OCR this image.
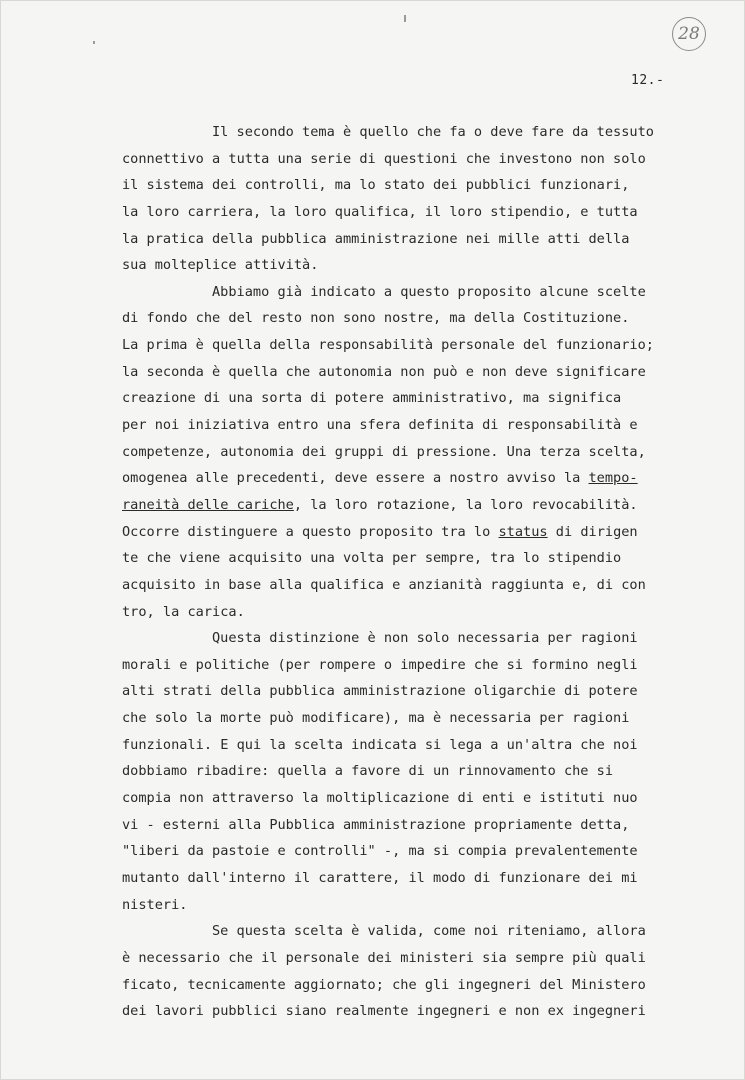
28
12.-
Il secondo tema è quello che fa o deve fare da tessuto
connettivo a tutta una serie di questioni che investono non solo
il sistema dei controlli, ma lo stato dei pubblici funzionari,
la loro carriera, la loro qualifica, il loro stipendio, e tutta
la pratica della pubblica amministrazione nei mille atti della
sua molteplice attività.
Abbiamo già indicato a questo proposito alcune scelte
di fondo che del resto non sono nostre, ma della Costituzione.
La prima è quella della responsabilità personale del funzionario;
la seconda è quella che autonomia non può e non deve significare
creazione di una sorta di potere amministrativo, ma significa
per noi iniziativa entro una sfera definita di responsabilità e
competenze, autonomia dei gruppi di pressione. Una terza scelta,
omogenea alle precedenti, deve essere a nostro avviso la tempo-
raneità delle cariche, la loro rotazione, la loro revocabilità.
Occorre distinguere a questo proposito tra lo status di dirigen
te che viene acquisito una volta per sempre, tra lo stipendio
acquisito in base alla qualifica e anzianità raggiunta e, di con
tro, la carica.
Questa distinzione è non solo necessaria per ragioni
morali e politiche (per rompere o impedire che si formino negli
alti strati della pubblica amministrazione oligarchie di potere
che solo la morte può modificare), ma è necessaria per ragioni
funzionali. E qui la scelta indicata si lega a un'altra che noi
dobbiamo ribadire: quella a favore di un rinnovamento che si
compia non attraverso la moltiplicazione di enti e istituti nuo
vi - esterni alla Pubblica amministrazione propriamente detta,
"liberi da pastoie e controlli" -, ma si compia prevalentemente
mutanto dall'interno il carattere, il modo di funzionare dei mi
nisteri.
Se questa scelta è valida, come noi riteniamo, allora
è necessario che il personale dei ministeri sia sempre più quali
ficato, tecnicamente aggiornato; che gli ingegneri del Ministero
dei lavori pubblici siano realmente ingegneri e non ex ingegneri
